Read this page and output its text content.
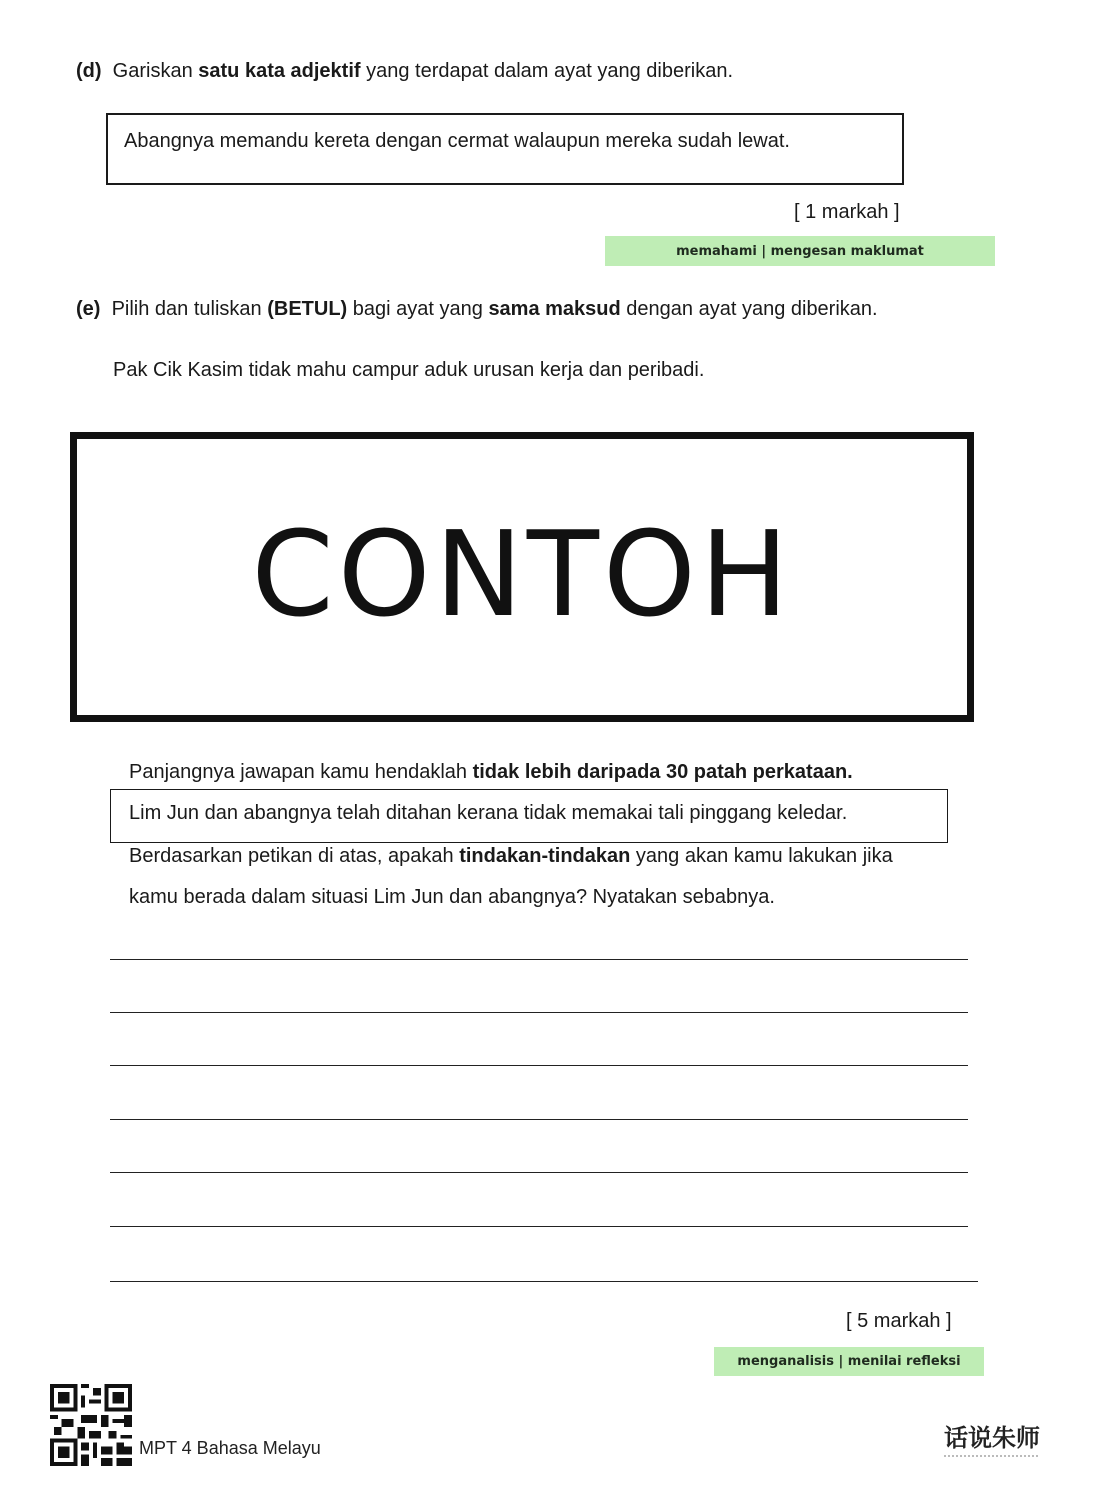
(d) Gariskan satu kata adjektif yang terdapat dalam ayat yang diberikan.
Abangnya memandu kereta dengan cermat walaupun mereka sudah lewat.
[ 1 markah ]
memahami | mengesan maklumat
(e) Pilih dan tuliskan (BETUL) bagi ayat yang sama maksud dengan ayat yang diberikan.
Pak Cik Kasim tidak mahu campur aduk urusan kerja dan peribadi.
CONTOH
Panjangnya jawapan kamu hendaklah tidak lebih daripada 30 patah perkataan.
Lim Jun dan abangnya telah ditahan kerana tidak memakai tali pinggang keledar.
Berdasarkan petikan di atas, apakah tindakan-tindakan yang akan kamu lakukan jika
kamu berada dalam situasi Lim Jun dan abangnya? Nyatakan sebabnya.
[ 5 markah ]
menganalisis | menilai refleksi
MPT 4 Bahasa Melayu	话说朱师
